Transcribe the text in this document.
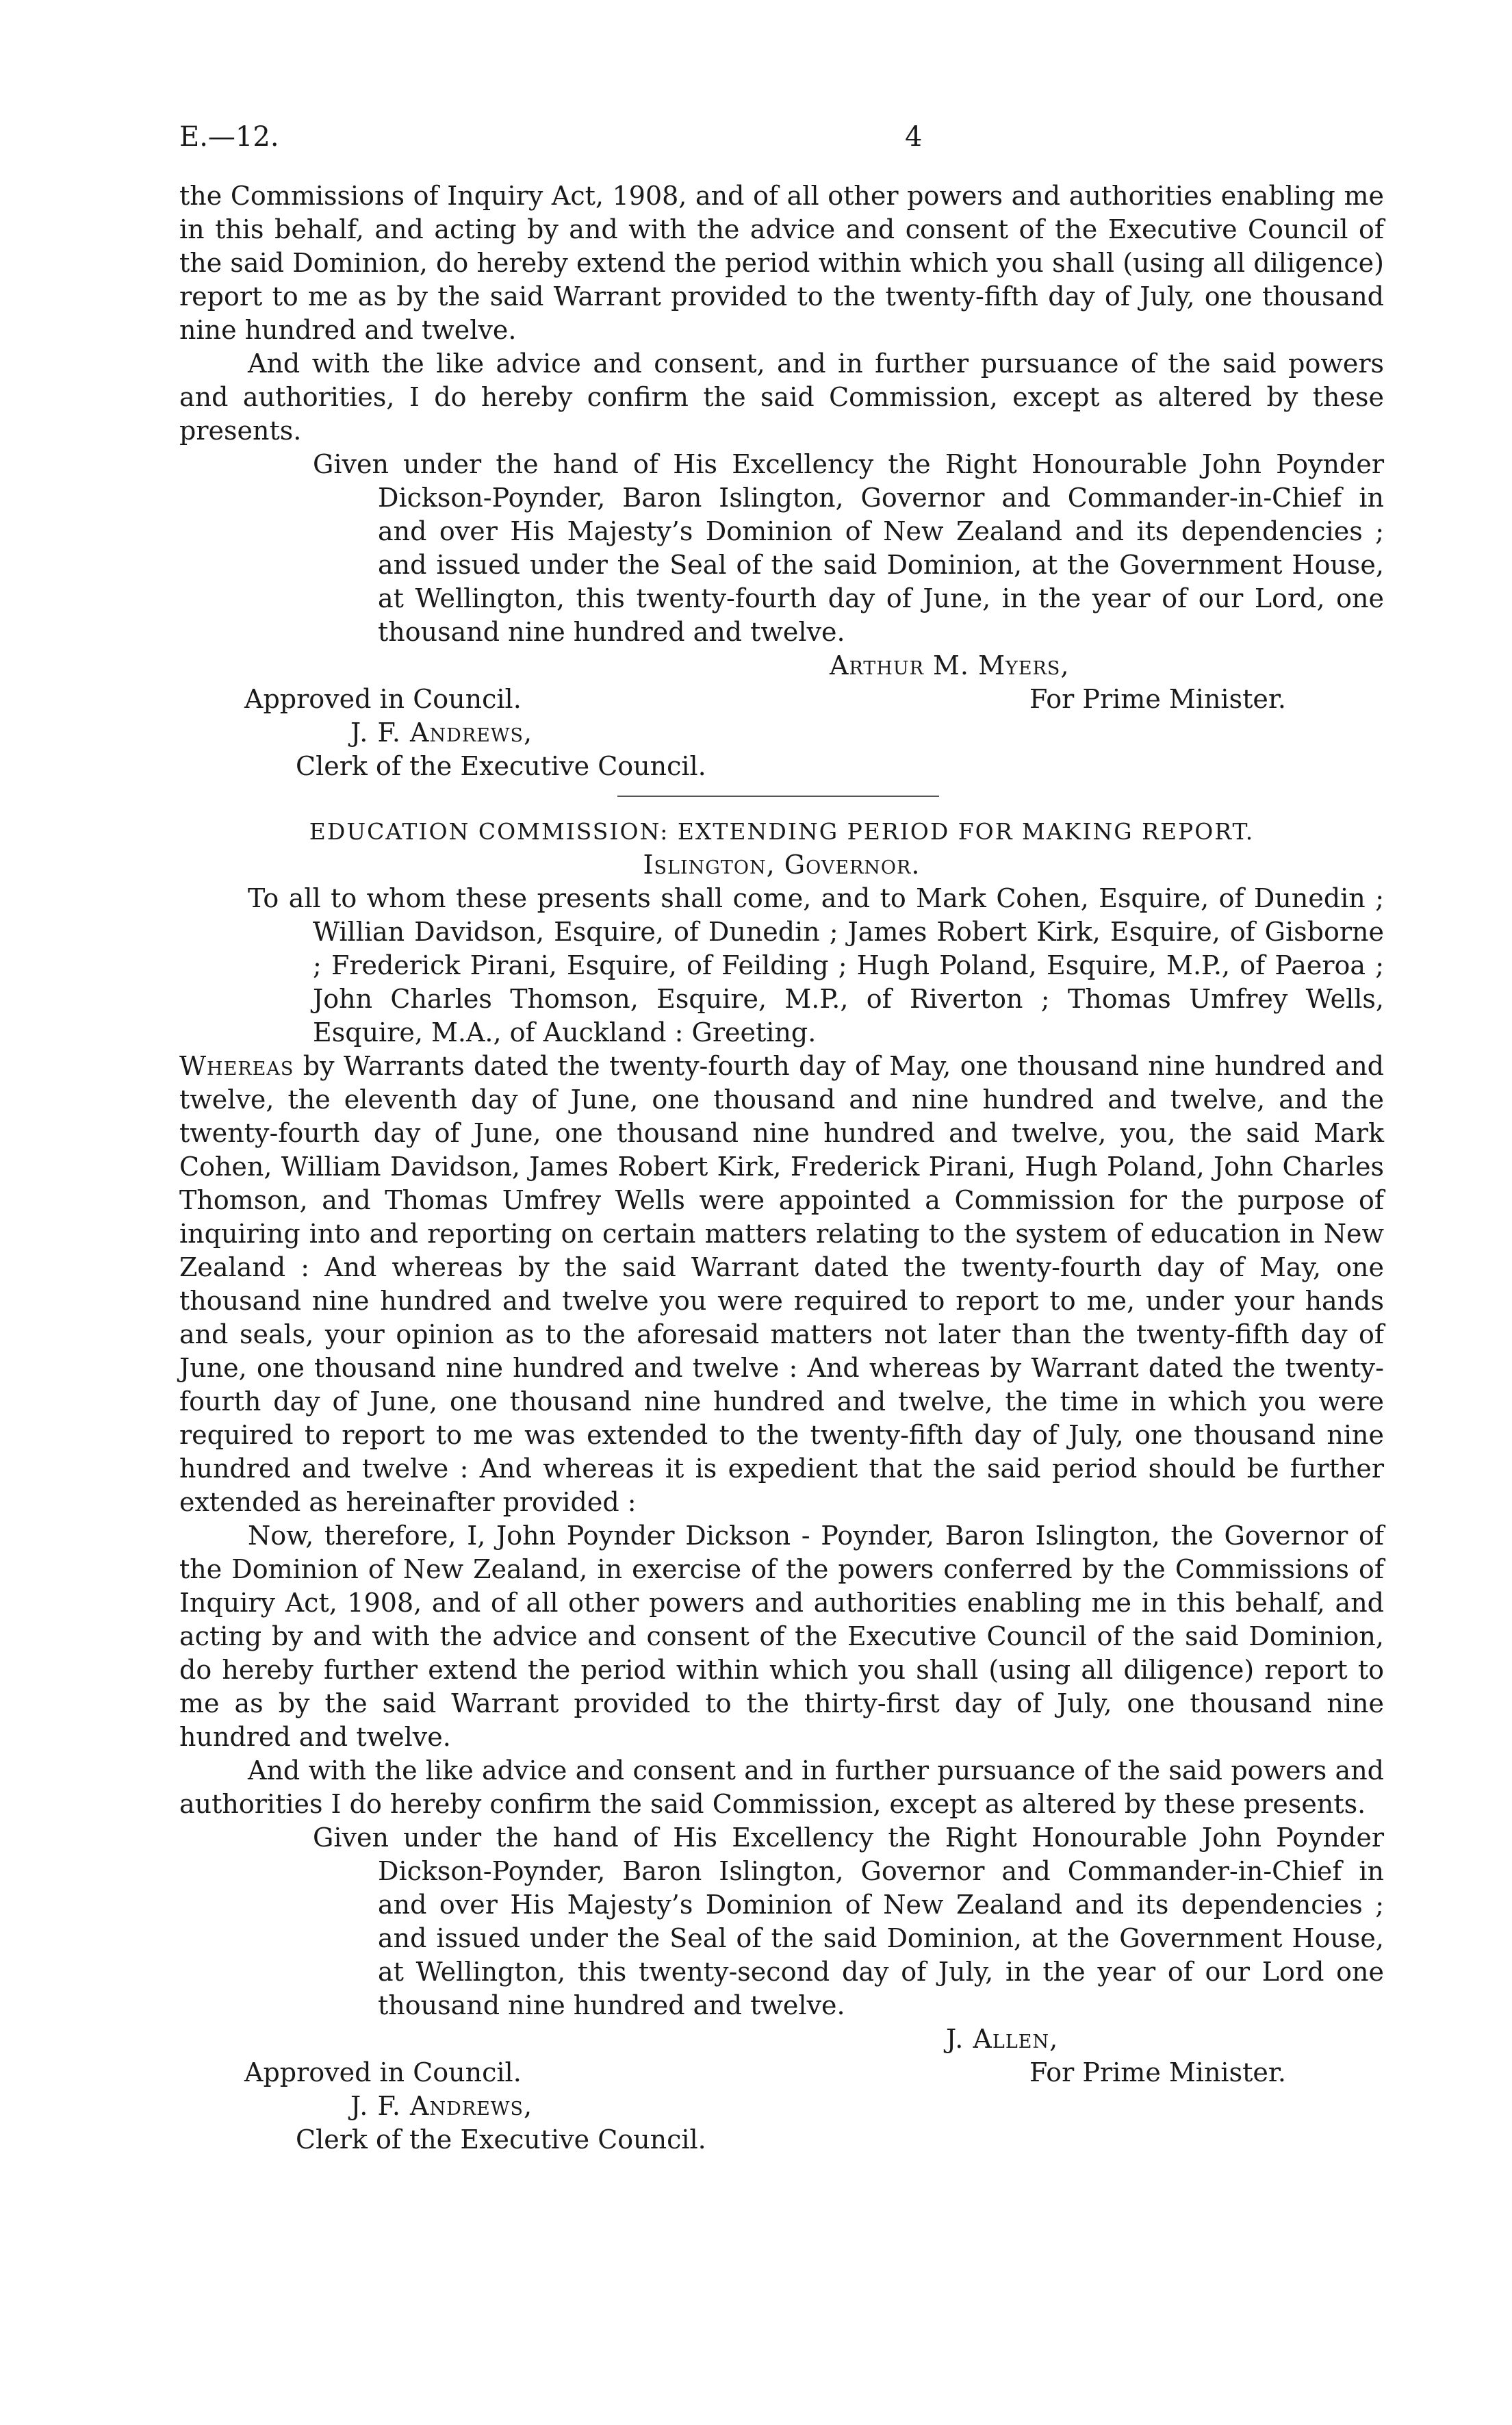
E.—12.	4

the Commissions of Inquiry Act, 1908, and of all other powers and authorities enabling me in this behalf, and acting by and with the advice and consent of the Executive Council of the said Dominion, do hereby extend the period within which you shall (using all diligence) report to me as by the said Warrant provided to the twenty-fifth day of July, one thousand nine hundred and twelve.

And with the like advice and consent, and in further pursuance of the said powers and authorities, I do hereby confirm the said Commission, except as altered by these presents.

Given under the hand of His Excellency the Right Honourable John Poynder Dickson-Poynder, Baron Islington, Governor and Commander-in-Chief in and over His Majesty’s Dominion of New Zealand and its dependencies ; and issued under the Seal of the said Dominion, at the Government House, at Wellington, this twenty-fourth day of June, in the year of our Lord, one thousand nine hundred and twelve.

Arthur M. Myers,
Approved in Council.	For Prime Minister.

J. F. Andrews,

Clerk of the Executive Council.

EDUCATION COMMISSION: EXTENDING PERIOD FOR MAKING REPORT.

Islington, Governor.

To all to whom these presents shall come, and to Mark Cohen, Esquire, of Dunedin ; Willian Davidson, Esquire, of Dunedin ; James Robert Kirk, Esquire, of Gisborne ; Frederick Pirani, Esquire, of Feilding ; Hugh Poland, Esquire, M.P., of Paeroa ; John Charles Thomson, Esquire, M.P., of Riverton ; Thomas Umfrey Wells, Esquire, M.A., of Auckland : Greeting.

Whereas by Warrants dated the twenty-fourth day of May, one thousand nine hundred and twelve, the eleventh day of June, one thousand and nine hundred and twelve, and the twenty-fourth day of June, one thousand nine hundred and twelve, you, the said Mark Cohen, William Davidson, James Robert Kirk, Frederick Pirani, Hugh Poland, John Charles Thomson, and Thomas Umfrey Wells were appointed a Commission for the purpose of inquiring into and reporting on certain matters relating to the system of education in New Zealand : And whereas by the said Warrant dated the twenty-fourth day of May, one thousand nine hundred and twelve you were required to report to me, under your hands and seals, your opinion as to the aforesaid matters not later than the twenty-fifth day of June, one thousand nine hundred and twelve : And whereas by Warrant dated the twenty-fourth day of June, one thousand nine hundred and twelve, the time in which you were required to report to me was extended to the twenty-fifth day of July, one thousand nine hundred and twelve : And whereas it is expedient that the said period should be further extended as hereinafter provided :

Now, therefore, I, John Poynder Dickson - Poynder, Baron Islington, the Governor of the Dominion of New Zealand, in exercise of the powers conferred by the Commissions of Inquiry Act, 1908, and of all other powers and authorities enabling me in this behalf, and acting by and with the advice and consent of the Executive Council of the said Dominion, do hereby further extend the period within which you shall (using all diligence) report to me as by the said Warrant provided to the thirty-first day of July, one thousand nine hundred and twelve.

And with the like advice and consent and in further pursuance of the said powers and authorities I do hereby confirm the said Commission, except as altered by these presents.

Given under the hand of His Excellency the Right Honourable John Poynder Dickson-Poynder, Baron Islington, Governor and Commander-in-Chief in and over His Majesty’s Dominion of New Zealand and its dependencies ; and issued under the Seal of the said Dominion, at the Government House, at Wellington, this twenty-second day of July, in the year of our Lord one thousand nine hundred and twelve.

J. Allen,
Approved in Council.	For Prime Minister.

J. F. Andrews,

Clerk of the Executive Council.
